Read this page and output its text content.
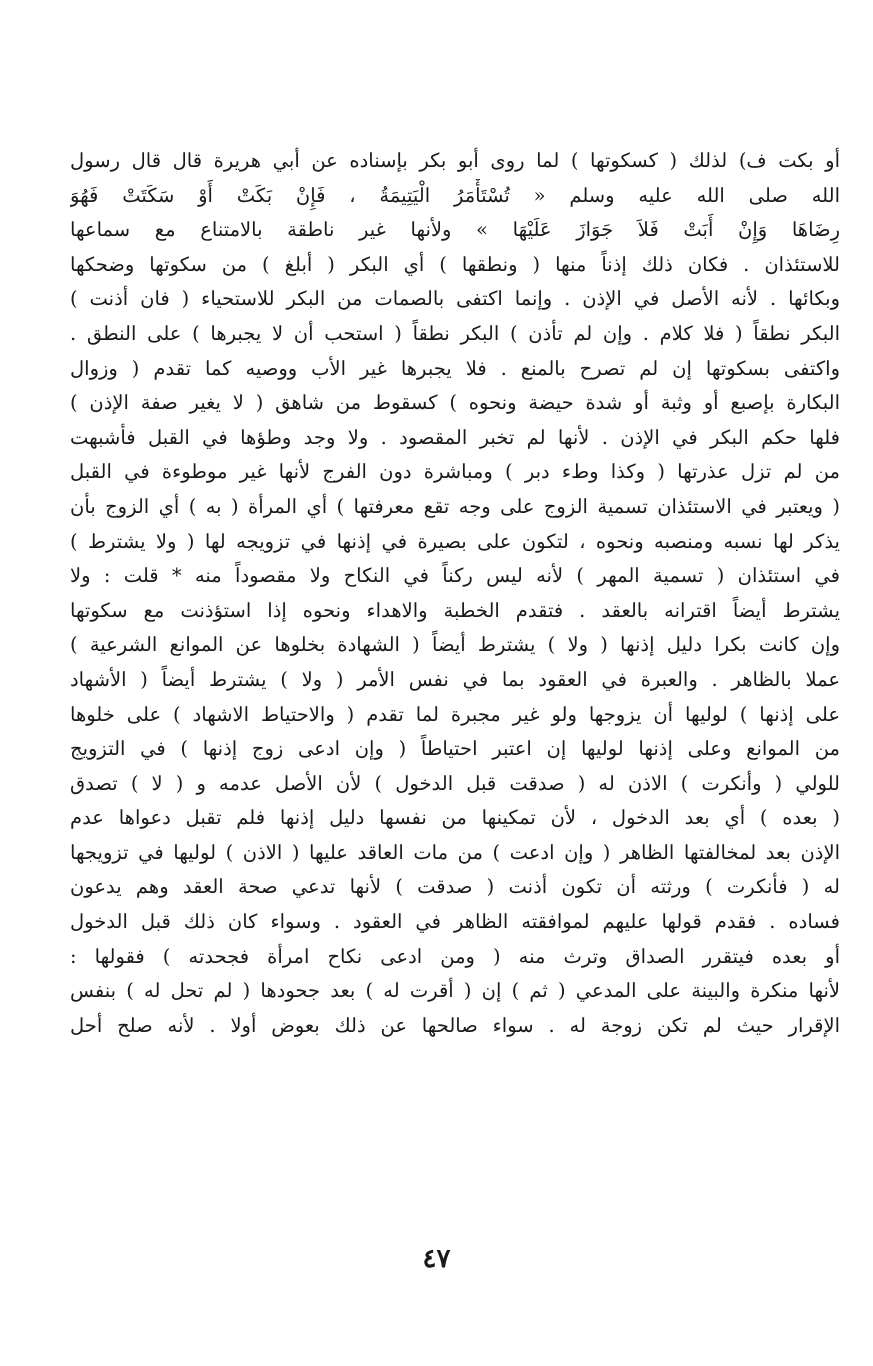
أو بكت ف) لذلك ( كسكوتها ) لما روى أبو بكر بإسناده عن أبي هريرة قال قال رسول
الله صلى الله عليه وسلم « تُسْتَأْمَرُ الْيَتِيمَةُ ، فَإِنْ بَكَتْ أَوْ سَكَتَتْ فَهُوَ
رِضَاهَا وَإِنْ أَبَتْ فَلاَ جَوَازَ عَلَيْهَا » ولأنها غير ناطقة بالامتناع مع سماعها
للاستئذان . فكان ذلك إذناً منها ( ونطقها ) أي البكر ( أبلغ ) من سكوتها وضحكها
وبكائها . لأنه الأصل في الإذن . وإنما اكتفى بالصمات من البكر للاستحياء ( فان أذنت )
البكر نطقاً ( فلا كلام . وإن لم تأذن ) البكر نطقاً ( استحب أن لا يجبرها ) على النطق .
واكتفى بسكوتها إن لم تصرح بالمنع . فلا يجبرها غير الأب ووصيه كما تقدم ( وزوال
البكارة بإصبع أو وثبة أو شدة حيضة ونحوه ) كسقوط من شاهق ( لا يغير صفة الإذن )
فلها حكم البكر في الإذن . لأنها لم تخبر المقصود . ولا وجد وطؤها في القبل فأشبهت
من لم تزل عذرتها ( وكذا وطء دبر ) ومباشرة دون الفرج لأنها غير موطوءة في القبل
( ويعتبر في الاستئذان تسمية الزوج على وجه تقع معرفتها ) أي المرأة ( به ) أي الزوج بأن
يذكر لها نسبه ومنصبه ونحوه ، لتكون على بصيرة في إذنها في تزويجه لها ( ولا يشترط )
في استئذان ( تسمية المهر ) لأنه ليس ركناً في النكاح ولا مقصوداً منه * قلت : ولا
يشترط أيضاً اقترانه بالعقد . فتقدم الخطبة والاهداء ونحوه إذا استؤذنت مع سكوتها
وإن كانت بكرا دليل إذنها ( ولا ) يشترط أيضاً ( الشهادة بخلوها عن الموانع الشرعية )
عملا بالظاهر . والعبرة في العقود بما في نفس الأمر ( ولا ) يشترط أيضاً ( الأشهاد
على إذنها ) لوليها أن يزوجها ولو غير مجبرة لما تقدم ( والاحتياط الاشهاد ) على خلوها
من الموانع وعلى إذنها لوليها إن اعتبر احتياطاً ( وإن ادعى زوج إذنها ) في التزويج
للولي ( وأنكرت ) الاذن له ( صدقت قبل الدخول ) لأن الأصل عدمه و ( لا ) تصدق
( بعده ) أي بعد الدخول ، لأن تمكينها من نفسها دليل إذنها فلم تقبل دعواها عدم
الإذن بعد لمخالفتها الظاهر ( وإن ادعت ) من مات العاقد عليها ( الاذن ) لوليها في تزويجها
له ( فأنكرت ) ورثته أن تكون أذنت ( صدقت ) لأنها تدعي صحة العقد وهم يدعون
فساده . فقدم قولها عليهم لموافقته الظاهر في العقود . وسواء كان ذلك قبل الدخول
أو بعده فيتقرر الصداق وترث منه ( ومن ادعى نكاح امرأة فجحدته ) فقولها :
لأنها منكرة والبينة على المدعي ( ثم ) إن ( أقرت له ) بعد جحودها ( لم تحل له ) بنفس
الإقرار حيث لم تكن زوجة له . سواء صالحها عن ذلك بعوض أولا . لأنه صلح أحل
٤٧
